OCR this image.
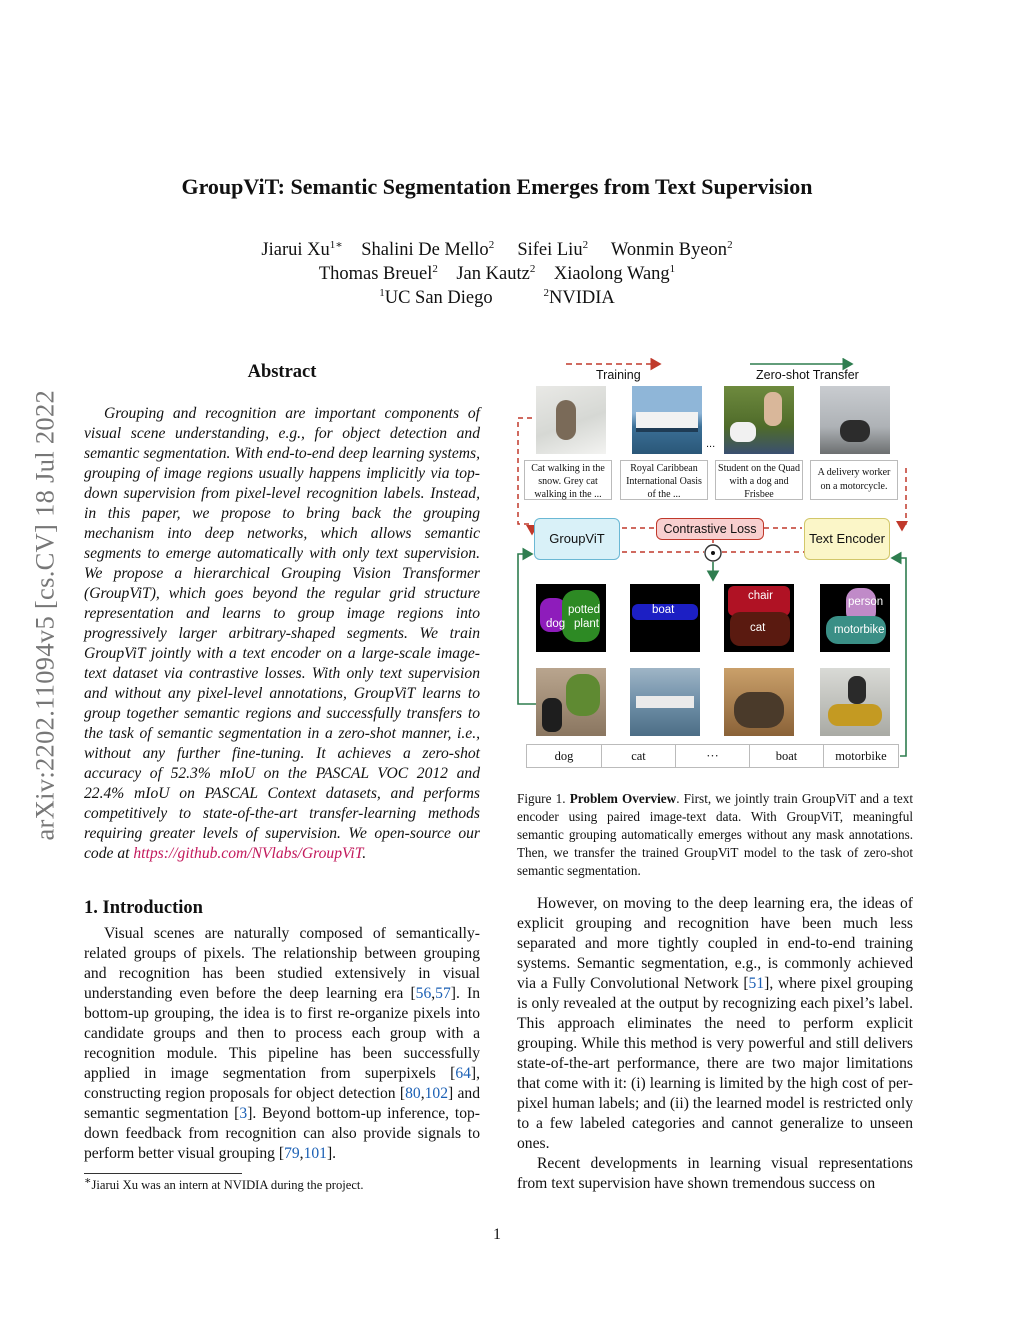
GroupViT: Semantic Segmentation Emerges from Text Supervision
Jiarui $Xu^{1∗}$ Shalini De Mello$^2$ Sifei Liu$^2$ Wonmin Byeon$^2$
Thomas Breuel$^2$ Jan Kautz$^2$ Xiaolong Wang$^1$
$^1$UC San Diego	$^2$NVIDIA
arXiv:2202.11094v5 [cs.CV] 18 Jul 2022
Abstract

Grouping and recognition are important components of visual scene understanding, e.g., for object detection and semantic segmentation. With end-to-end deep learning systems, grouping of image regions usually happens implicitly via top-down supervision from pixel-level recognition labels. Instead, in this paper, we propose to bring back the grouping mechanism into deep networks, which allows semantic segments to emerge automatically with only text supervision. We propose a hierarchical Grouping Vision Transformer (GroupViT), which goes beyond the regular grid structure representation and learns to group image regions into progressively larger arbitrary-shaped segments. We train GroupViT jointly with a text encoder on a large-scale image-text dataset via contrastive losses. With only text supervision and without any pixel-level annotations, GroupViT learns to group together semantic regions and successfully transfers to the task of semantic segmentation in a zero-shot manner, i.e., without any further fine-tuning. It achieves a zero-shot accuracy of 52.3% mIoU on the PASCAL VOC 2012 and 22.4% mIoU on PASCAL Context datasets, and performs competitively to state-of-the-art transfer-learning methods requiring greater levels of supervision. We open-source our code at https://github.com/NVlabs/GroupViT.

1. Introduction

Visual scenes are naturally composed of semantically-related groups of pixels. The relationship between grouping and recognition has been studied extensively in visual understanding even before the deep learning era [56,57]. In bottom-up grouping, the idea is to first re-organize pixels into candidate groups and then to process each group with a recognition module. This pipeline has been successfully applied in image segmentation from superpixels [64], constructing region proposals for object detection [80,102] and semantic segmentation [3]. Beyond bottom-up inference, top-down feedback from recognition can also provide signals to perform better visual grouping [79,101].

∗Jiarui Xu was an intern at NVIDIA during the project.
Training	Zero-shot Transfer
...
Cat walking in the snow. Grey cat walking in the ...
Royal Caribbean International Oasis of the ...
Student on the Quad with a dog and Frisbee
A delivery worker on a motorcycle.
GroupViT
Contrastive Loss
Text Encoder
potted
plant
dog
boat
chair
cat
person
motorbike
dog	cat	···	boat	motorbike
Figure 1. Problem Overview. First, we jointly train GroupViT and a text encoder using paired image-text data. With GroupViT, meaningful semantic grouping automatically emerges without any mask annotations. Then, we transfer the trained GroupViT model to the task of zero-shot semantic segmentation.

However, on moving to the deep learning era, the ideas of explicit grouping and recognition have been much less separated and more tightly coupled in end-to-end training systems. Semantic segmentation, e.g., is commonly achieved via a Fully Convolutional Network [51], where pixel grouping is only revealed at the output by recognizing each pixel’s label. This approach eliminates the need to perform explicit grouping. While this method is very powerful and still delivers state-of-the-art performance, there are two major limitations that come with it: (i) learning is limited by the high cost of per-pixel human labels; and (ii) the learned model is restricted only to a few labeled categories and cannot generalize to unseen ones.

Recent developments in learning visual representations from text supervision have shown tremendous success on

1
